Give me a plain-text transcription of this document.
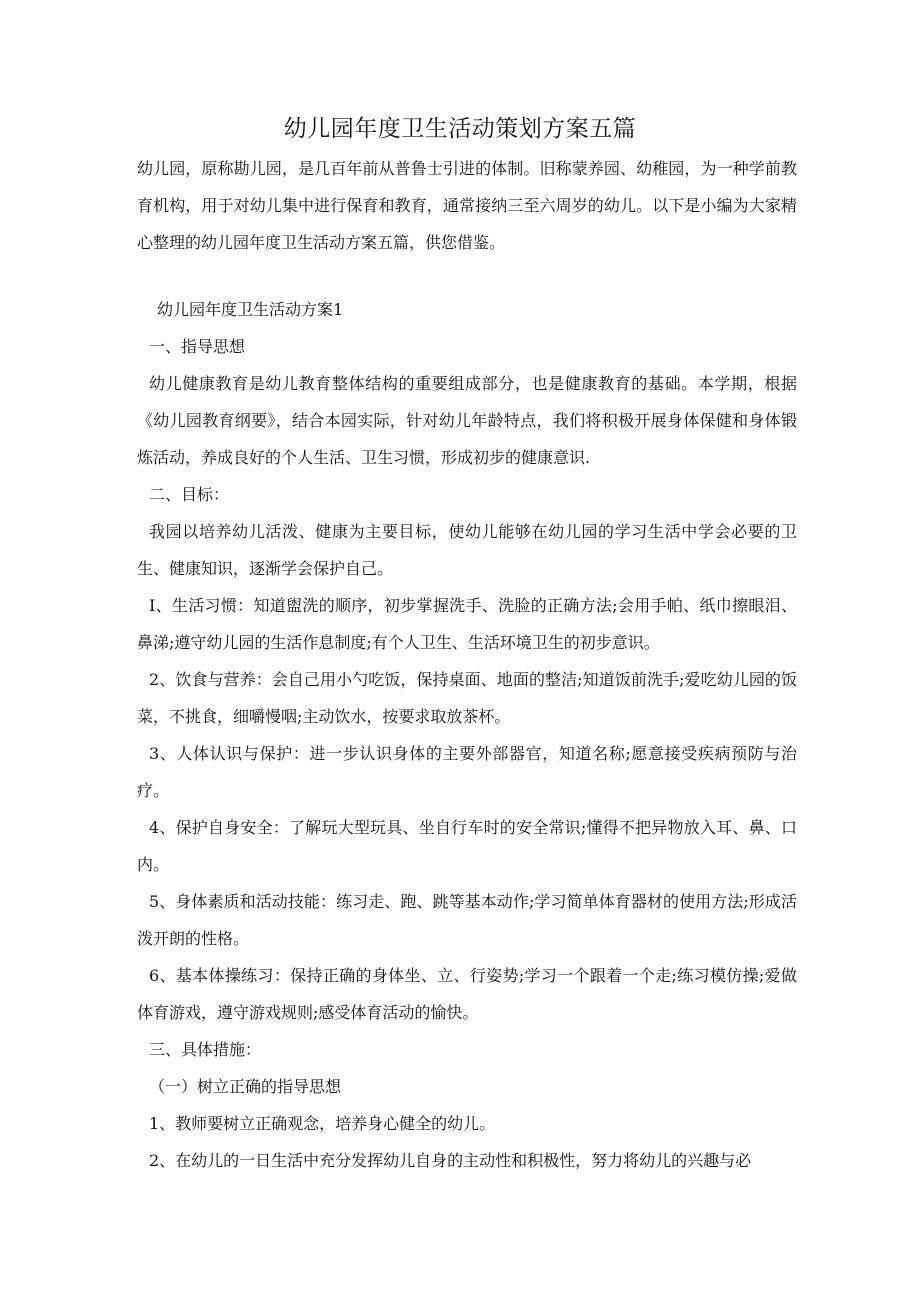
幼儿园年度卫生活动策划方案五篇

幼儿园，原称勘儿园，是几百年前从普鲁士引进的体制。旧称蒙养园、幼稚园，为一种学前教育机构，用于对幼儿集中进行保育和教育，通常接纳三至六周岁的幼儿。以下是小编为大家精心整理的幼儿园年度卫生活动方案五篇，供您借鉴。

幼儿园年度卫生活动方案1

一、指导思想

幼儿健康教育是幼儿教育整体结构的重要组成部分，也是健康教育的基础。本学期，根据《幼儿园教育纲要》，结合本园实际，针对幼儿年龄特点，我们将积极开展身体保健和身体锻炼活动，养成良好的个人生活、卫生习惯，形成初步的健康意识.

二、目标：

我园以培养幼儿活泼、健康为主要目标，使幼儿能够在幼儿园的学习生活中学会必要的卫生、健康知识，逐渐学会保护自己。

I、生活习惯：知道盥洗的顺序，初步掌握洗手、洗脸的正确方法;会用手帕、纸巾擦眼泪、鼻涕;遵守幼儿园的生活作息制度;有个人卫生、生活环境卫生的初步意识。

2、饮食与营养：会自己用小勺吃饭，保持桌面、地面的整洁;知道饭前洗手;爱吃幼儿园的饭菜，不挑食，细嚼慢咽;主动饮水，按要求取放茶杯。

3、人体认识与保护：进一步认识身体的主要外部器官，知道名称;愿意接受疾病预防与治疗。

4、保护自身安全：了解玩大型玩具、坐自行车时的安全常识;懂得不把异物放入耳、鼻、口内。

5、身体素质和活动技能：练习走、跑、跳等基本动作;学习简单体育器材的使用方法;形成活泼开朗的性格。

6、基本体操练习：保持正确的身体坐、立、行姿势;学习一个跟着一个走;练习模仿操;爱做体育游戏，遵守游戏规则;感受体育活动的愉快。

三、具体措施：

（一）树立正确的指导思想

1、教师要树立正确观念，培养身心健全的幼儿。

2、在幼儿的一日生活中充分发挥幼儿自身的主动性和积极性，努力将幼儿的兴趣与必
